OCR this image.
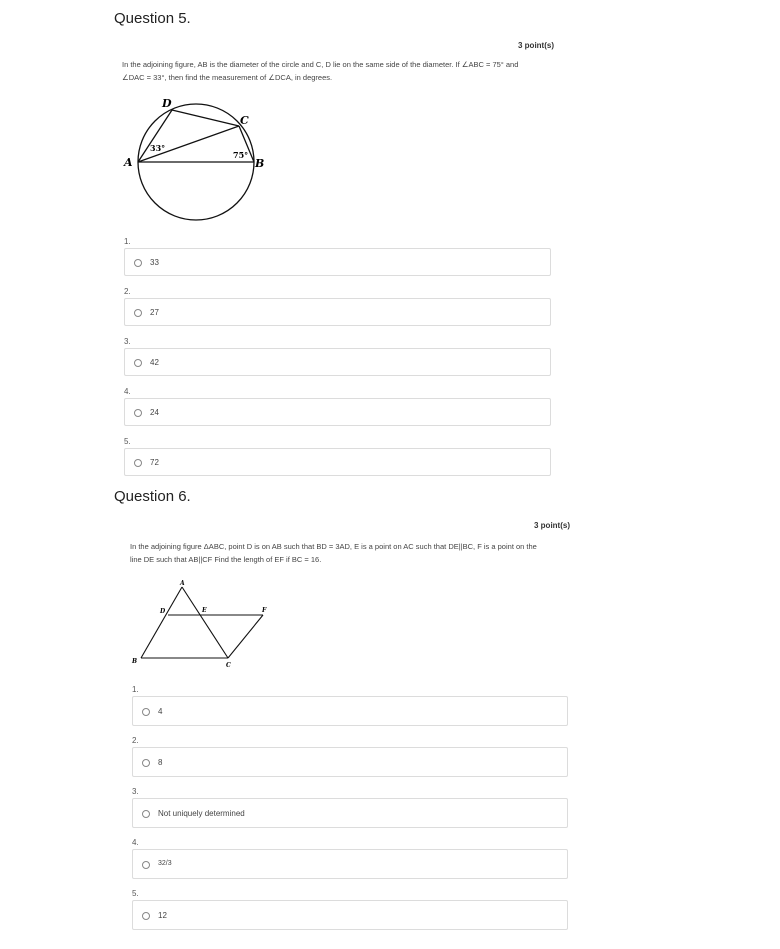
Question 5.
3 point(s)
In the adjoining figure, AB is the diameter of the circle and C, D lie on the same side of the diameter. If ∠ABC = 75° and
∠DAC = 33°, then find the measurement of ∠DCA, in degrees.
A	B
C
D
33°
75°
1.
33
2.
27
3.
42
4.
24
5.
72
Question 6.
3 point(s)
In the adjoining figure ΔABC, point D is on AB such that BD = 3AD, E is a point on AC such that DE||BC, F is a point on the
line DE such that AB||CF Find the length of EF if BC = 16.
A
B
C
D	E	F
1.
4
2.
8
3.
Not uniquely determined
4.
32/3
5.
12
